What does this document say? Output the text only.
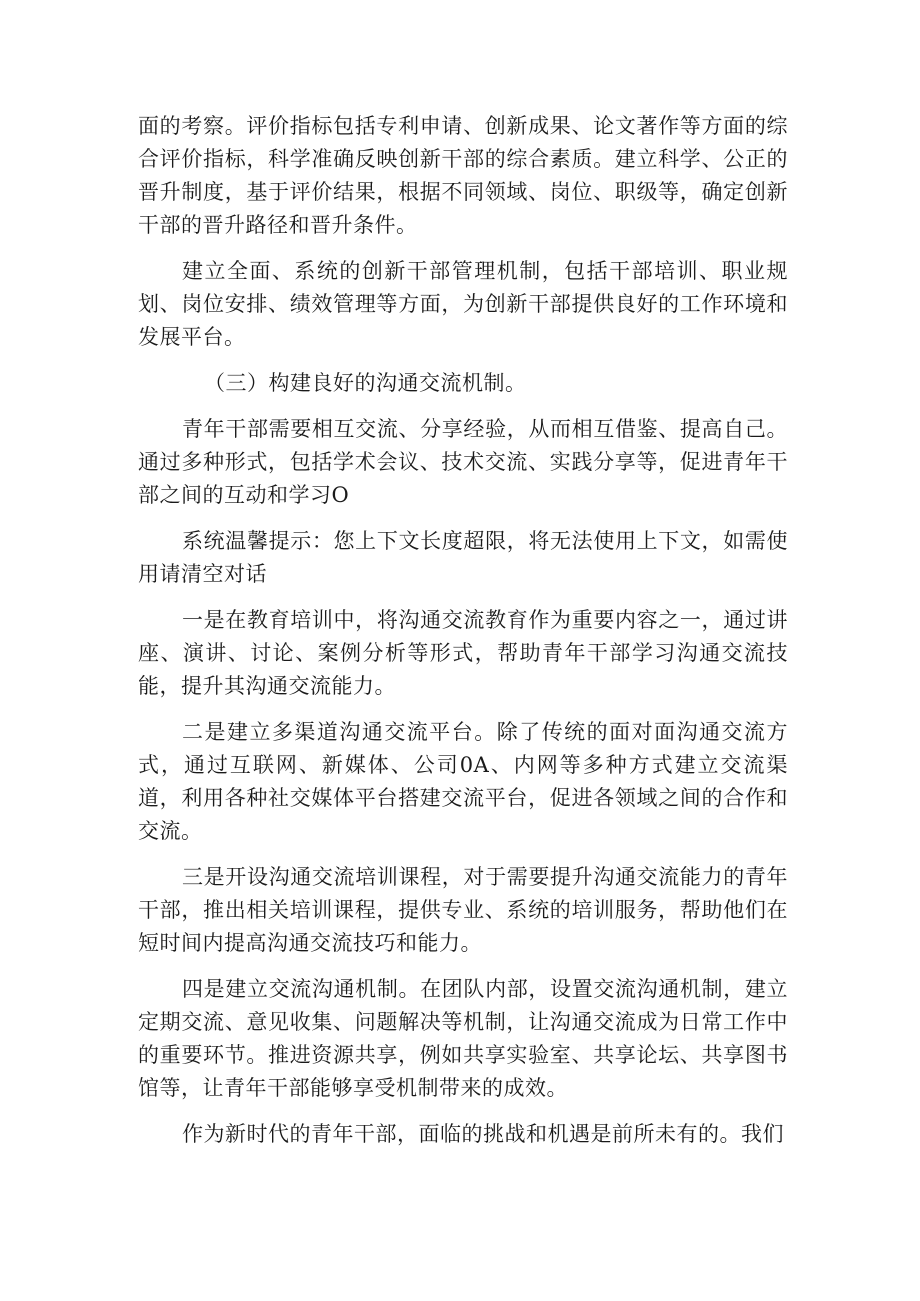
面的考察。评价指标包括专利申请、创新成果、论文著作等方面的综合评价指标，科学准确反映创新干部的综合素质。建立科学、公正的晋升制度，基于评价结果，根据不同领域、岗位、职级等，确定创新干部的晋升路径和晋升条件。

建立全面、系统的创新干部管理机制，包括干部培训、职业规划、岗位安排、绩效管理等方面，为创新干部提供良好的工作环境和发展平台。

（三）构建良好的沟通交流机制。

青年干部需要相互交流、分享经验，从而相互借鉴、提高自己。通过多种形式，包括学术会议、技术交流、实践分享等，促进青年干部之间的互动和学习O

系统温馨提示：您上下文长度超限，将无法使用上下文，如需使用请清空对话

一是在教育培训中，将沟通交流教育作为重要内容之一，通过讲座、演讲、讨论、案例分析等形式，帮助青年干部学习沟通交流技能，提升其沟通交流能力。

二是建立多渠道沟通交流平台。除了传统的面对面沟通交流方式，通过互联网、新媒体、公司0A、内网等多种方式建立交流渠道，利用各种社交媒体平台搭建交流平台，促进各领域之间的合作和交流。

三是开设沟通交流培训课程，对于需要提升沟通交流能力的青年干部，推出相关培训课程，提供专业、系统的培训服务，帮助他们在短时间内提高沟通交流技巧和能力。

四是建立交流沟通机制。在团队内部，设置交流沟通机制，建立定期交流、意见收集、问题解决等机制，让沟通交流成为日常工作中的重要环节。推进资源共享，例如共享实验室、共享论坛、共享图书馆等，让青年干部能够享受机制带来的成效。

作为新时代的青年干部，面临的挑战和机遇是前所未有的。我们
